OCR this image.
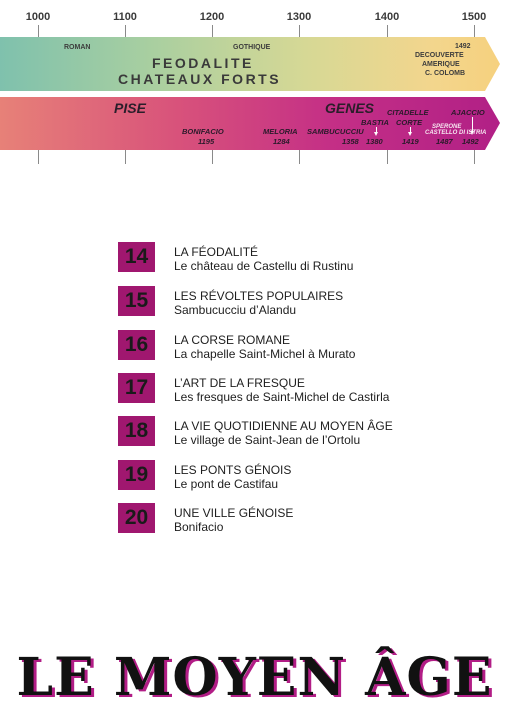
1000	1100	1200	1300	1400	1500
ROMAN	GOTHIQUE
FEODALITE
CHATEAUX FORTS
1492
DECOUVERTE
AMERIQUE
C. COLOMB
PISE	GENES
BONIFACIO
1195
MELORIA
1284
SAMBUCUCCIU
1358
BASTIA
1380
CITADELLE
CORTE
1419
AJACCIO
SPERONE
CASTELLO DI ISTRIA
1487 1492
14	LA FÉODALITÉ
Le château de Castellu di Rustinu
15	LES RÉVOLTES POPULAIRES
Sambucucciu d’Alandu
16	LA CORSE ROMANE
La chapelle Saint-Michel à Murato
17	L’ART DE LA FRESQUE
Les fresques de Saint-Michel de Castirla
18	LA VIE QUOTIDIENNE AU MOYEN ÂGE
Le village de Saint-Jean de l’Ortolu
19	LES PONTS GÉNOIS
Le pont de Castifau
20	UNE VILLE GÉNOISE
Bonifacio
LE MOYEN ÂGE
